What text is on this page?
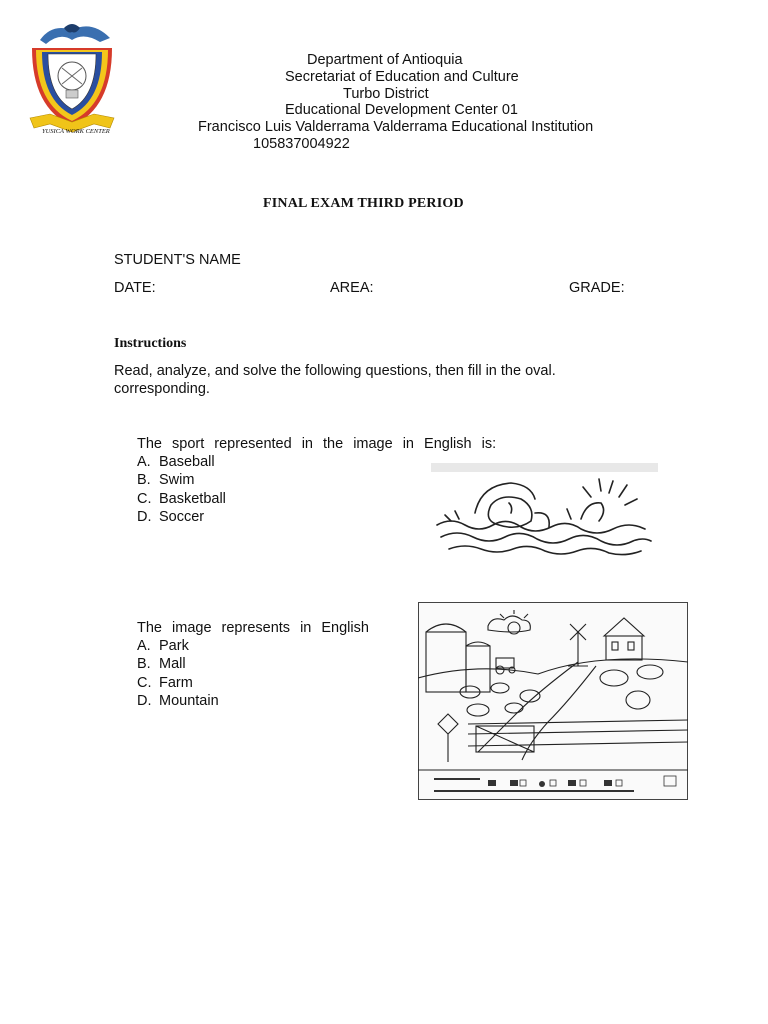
YUSICA WORK CENTER
Department of Antioquia
Secretariat of Education and Culture
Turbo District
Educational Development Center 01
Francisco Luis Valderrama Valderrama Educational Institution
105837004922
FINAL EXAM THIRD PERIOD
STUDENT'S NAME
DATE:	AREA:	GRADE:
Instructions
Read, analyze, and solve the following questions, then fill in the oval.
corresponding.
The sport represented in the image in English is:
A. Baseball
B. Swim
C. Basketball
D. Soccer
The image represents in English
A. Park
B. Mall
C. Farm
D. Mountain
